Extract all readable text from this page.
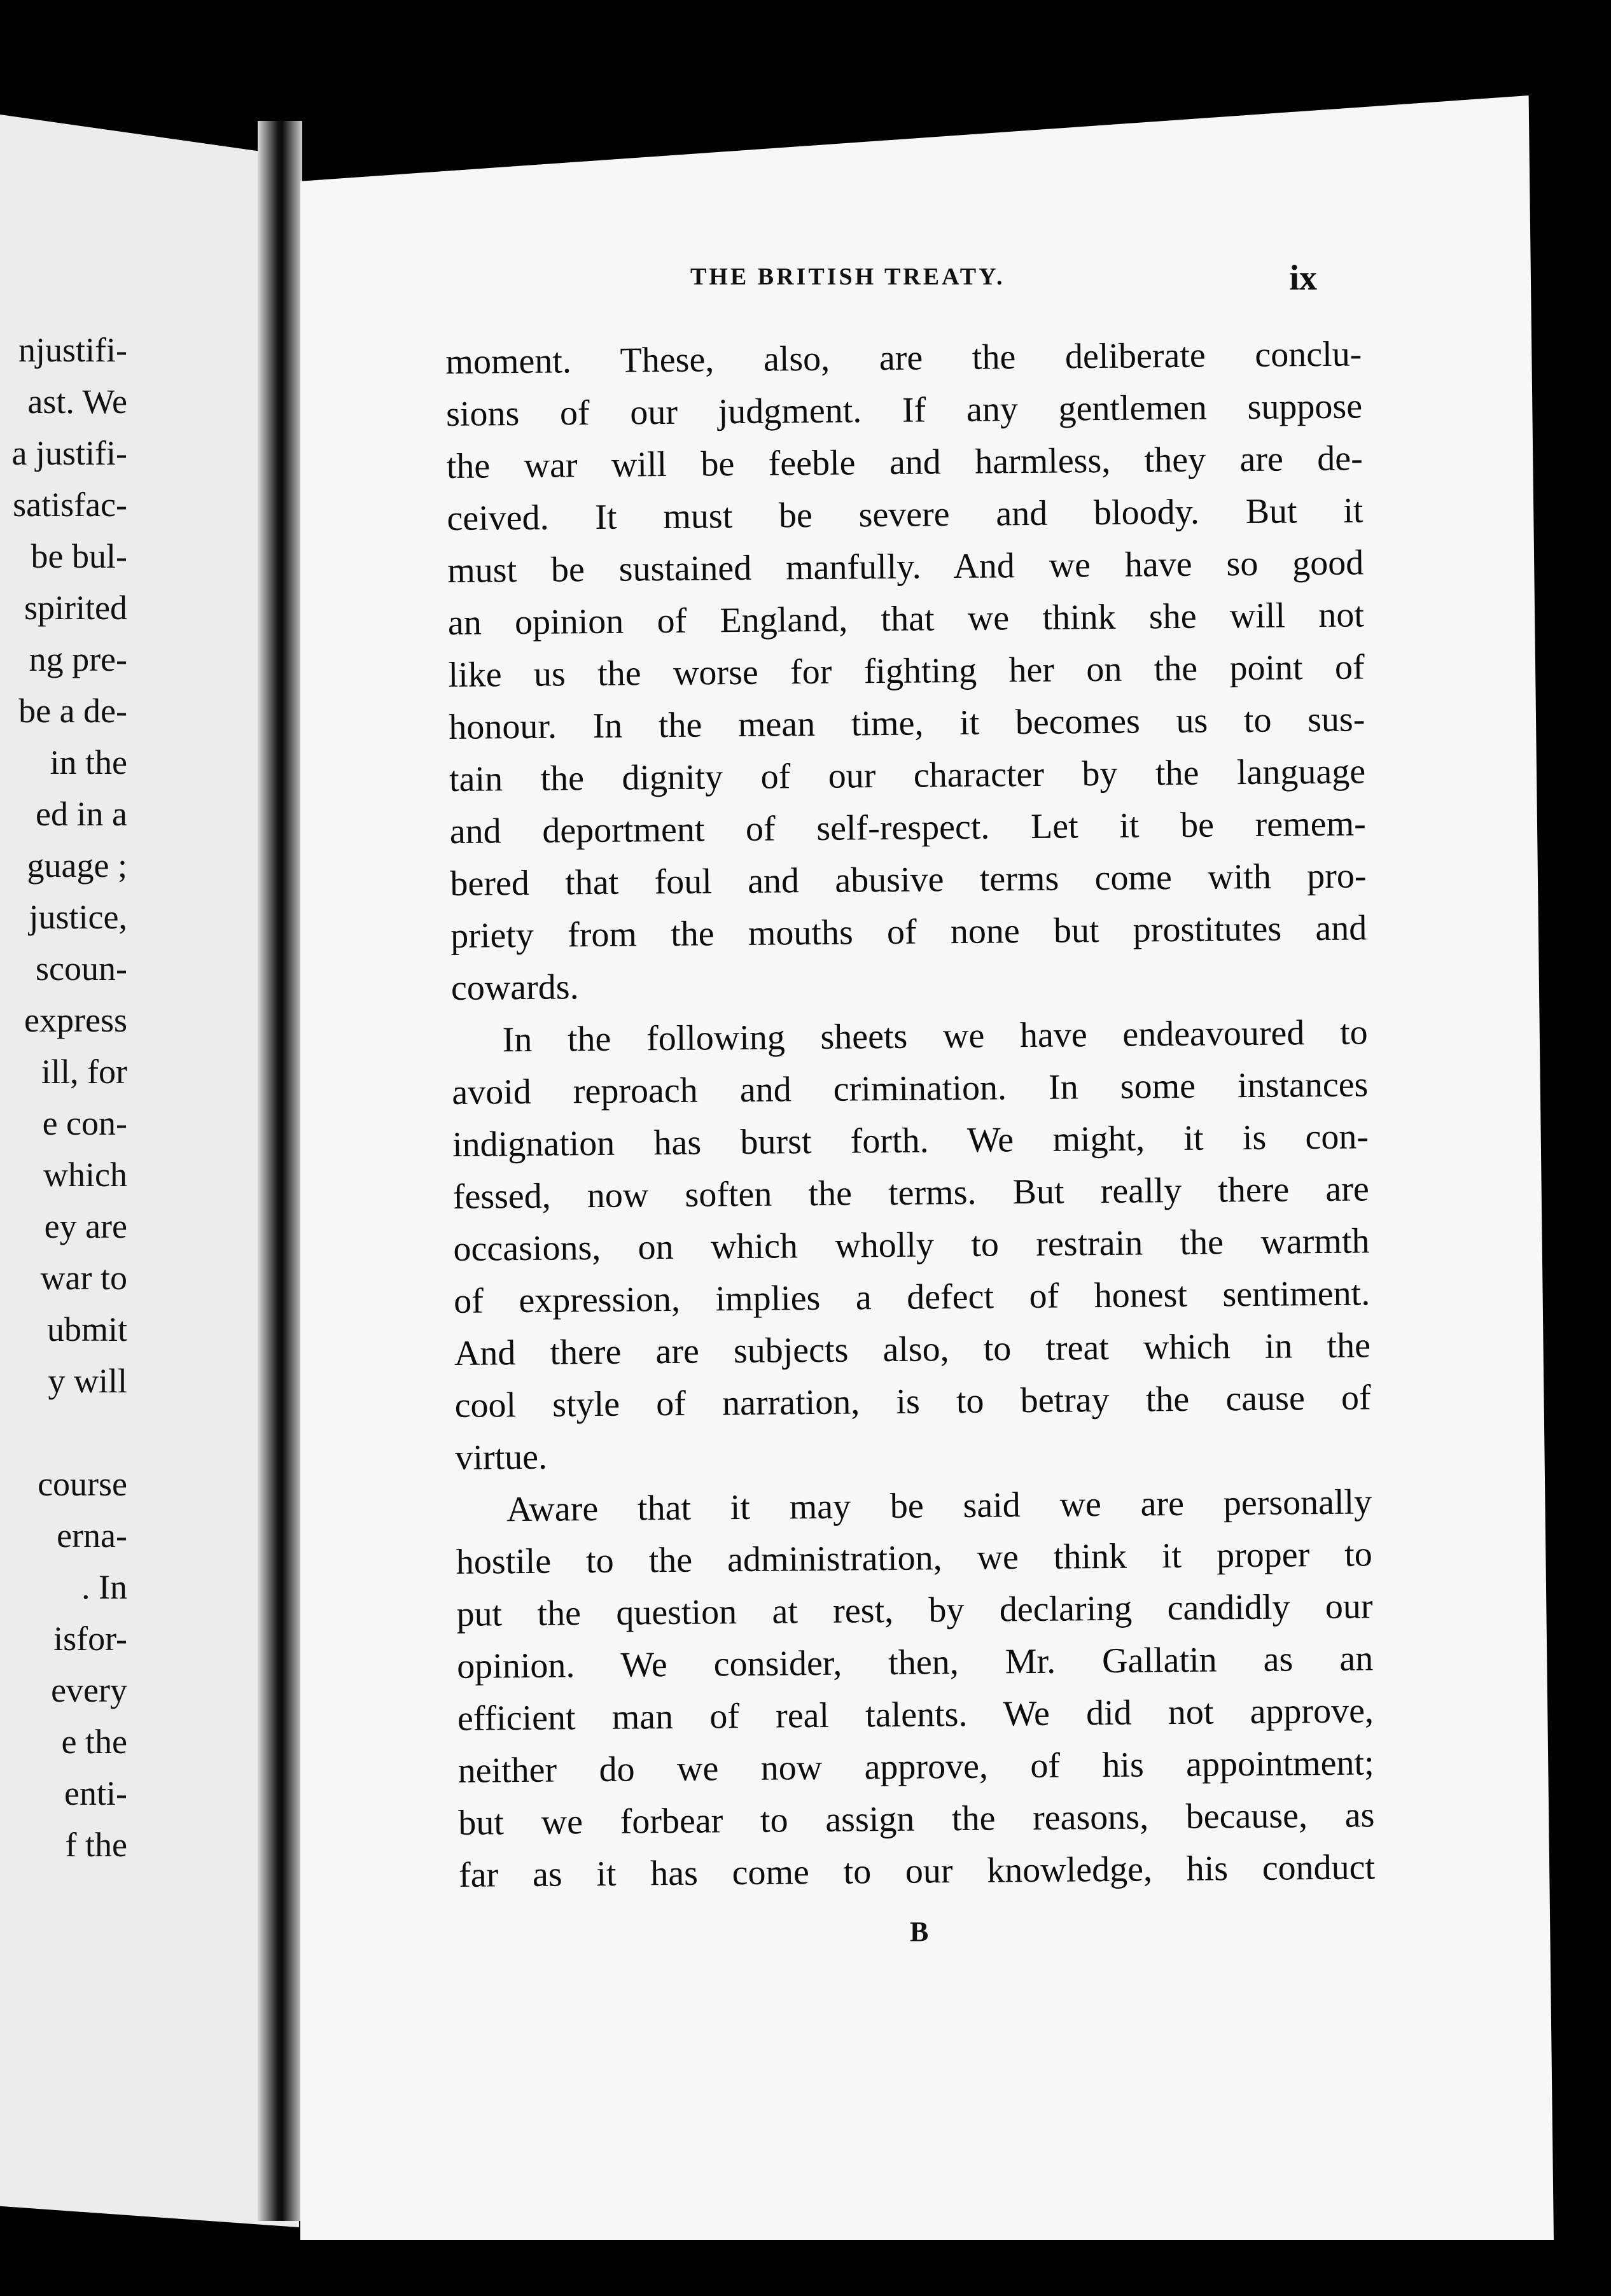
njustifi-
ast. We
a justifi-
satisfac-
be bul-
spirited
ng pre-
be a de-
in the
ed in a
guage ;
justice,
scoun-
express
ill, for
e con-
which
ey are
war to
ubmit
y will
course
erna-
. In
isfor-
every
e the
enti-
f the
THE BRITISH TREATY.	ix
moment. These, also, are the deliberate conclu-
sions of our judgment. If any gentlemen suppose
the war will be feeble and harmless, they are de-
ceived. It must be severe and bloody. But it
must be sustained manfully. And we have so good
an opinion of England, that we think she will not
like us the worse for fighting her on the point of
honour. In the mean time, it becomes us to sus-
tain the dignity of our character by the language
and deportment of self-respect. Let it be remem-
bered that foul and abusive terms come with pro-
priety from the mouths of none but prostitutes and
cowards.
In the following sheets we have endeavoured to
avoid reproach and crimination. In some instances
indignation has burst forth. We might, it is con-
fessed, now soften the terms. But really there are
occasions, on which wholly to restrain the warmth
of expression, implies a defect of honest sentiment.
And there are subjects also, to treat which in the
cool style of narration, is to betray the cause of
virtue.
Aware that it may be said we are personally
hostile to the administration, we think it proper to
put the question at rest, by declaring candidly our
opinion. We consider, then, Mr. Gallatin as an
efficient man of real talents. We did not approve,
neither do we now approve, of his appointment;
but we forbear to assign the reasons, because, as
far as it has come to our knowledge, his conduct
B
